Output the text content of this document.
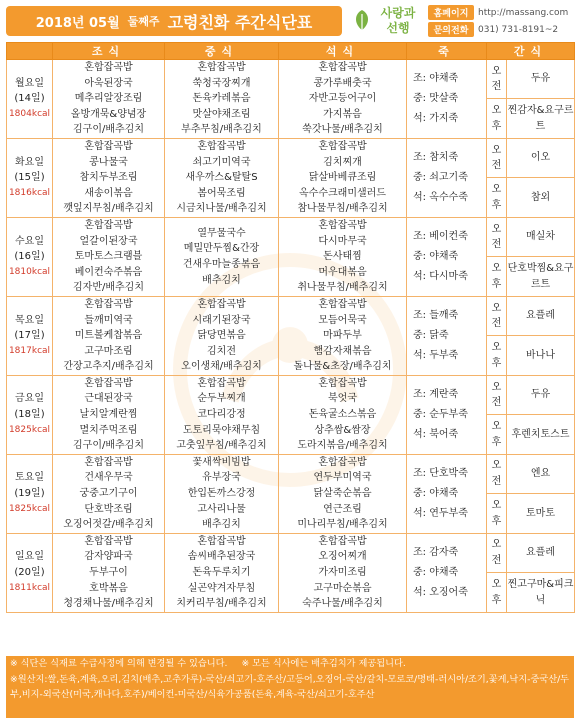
2018년 05월 둘째주 고령친화 주간식단표	사랑과
선행
홈페이지	http://massang.com
문의전화	031) 731-8191~2
	조식	중식	석식	죽	간식	

월요일
(14일)
1804kcal	혼합잡곡밥
아욱된장국
메추리알장조림
올방개묵&양념장
김구이/배추김치	혼합잡곡밥
쑥청국장찌개
돈육카레볶음
맛살야채조림
부추무침/배추김치	혼합잡곡밥
콩가루배춧국
자반고등어구이
가지볶음
쑥갓나물/배추김치	조: 야채죽
중: 맛살죽
석: 가지죽	오전	두유
					오후	찐감자&요구르트

화요일
(15일)
1816kcal	혼합잡곡밥
콩나물국
참치두부조림
새송이볶음
깻잎지무침/배추김치	혼합잡곡밥
쇠고기미역국
새우까스&탈탈S
봄어묵조림
시금치나물/배추김치	혼합잡곡밥
김치찌개
닭살바베큐조림
옥수수크래미샐러드
참나물무침/배추김치	조: 참치죽
중: 쇠고기죽
석: 옥수수죽	오전	이오
					오후	참외

수요일
(16일)
1810kcal	혼합잡곡밥
얼갈이된장국
토마토스크램블
베이컨숙주볶음
김자반/배추김치	열무물국수
메밀만두찜&간장
건새우마늘종볶음
배추김치	혼합잡곡밥
다시마무국
돈사태찜
머우대볶음
취나물무침/배추김치	조: 베이컨죽
중: 야채죽
석: 다시마죽	오전	매실차
					오후	단호박찜&요구르트

목요일
(17일)
1817kcal	혼합잡곡밥
들깨미역국
미트볼케찹볶음
고구마조림
간장고추지/배추김치	혼합잡곡밥
시래기된장국
닭당면볶음
김치전
오이생채/배추김치	혼합잡곡밥
모듬어묵국
마파두부
햄감자채볶음
돌나물&초장/배추김치	조: 들깨죽
중: 닭죽
석: 두부죽	오전	요플레
					오후	바나나

금요일
(18일)
1825kcal	혼합잡곡밥
근대된장국
날치알계란찜
멸치주먹조림
김구이/배추김치	혼합잡곡밥
순두부찌개
코다리강정
도토리묵야채무침
고춧잎무침/배추김치	혼합잡곡밥
북엇국
돈육굴소스볶음
상추쌈&쌈장
도라지볶음/배추김치	조: 계란죽
중: 순두부죽
석: 북어죽	오전	두유
					오후	후렌치토스트

토요일
(19일)
1825kcal	혼합잡곡밥
건새우무국
궁중고기구이
단호박조림
오징어젓갈/배추김치	꽃새싹비빔밥
유부장국
한입돈까스강정
고사리나물
배추김치	혼합잡곡밥
연두부미역국
닭살죽순볶음
연근조림
미나리무침/배추김치	조: 단호박죽
중: 야채죽
석: 연두부죽	오전	엔요
					오후	토마토

일요일
(20일)
1811kcal	혼합잡곡밥
감자양파국
두부구이
호박볶음
청경채나물/배추김치	혼합잡곡밥
솜씨배추된장국
돈육두루치기
실곤약겨자무침
치커리무침/배추김치	혼합잡곡밥
오징어찌개
가자미조림
고구마순볶음
숙주나물/배추김치	조: 감자죽
중: 야채죽
석: 오징어죽	오전	요플레
					오후	찐고구마&피크닉
※ 식단은 식재료 수급사정에 의해 변경될 수 있습니다. ※ 모든 식사에는 배추김치가 제공됩니다.
※원산지:쌀,돈육,계육,오리,김치(배추,고추가루)-국산/쇠고기-호주산/고등어,오징어-국산/갈치-모로코/명태-러시아/조기,꽃게,낙지-중국산/두부,비지-외국산(미국,캐나다,호주)/베이컨-미국산/식육가공품(돈육,계육-국산/쇠고기-호주산
